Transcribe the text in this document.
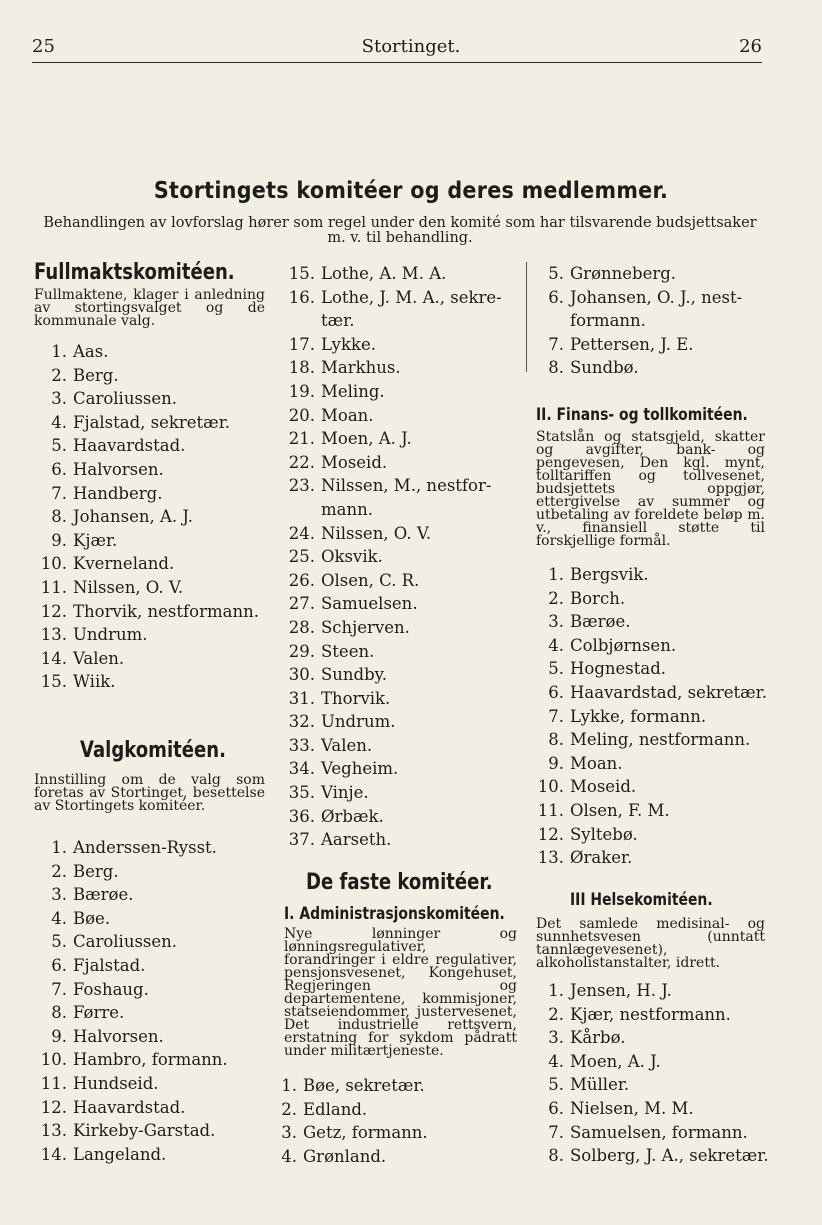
25	Stortinget.	26
Stortingets komitéer og deres medlemmer.
Behandlingen av lovforslag hører som regel under den komité som har tilsvarende budsjettsaker m. v. til behandling.
Fullmaktskomitéen.
Fullmaktene, klager i anledning av stortingsvalget og de kommunale valg.
1. Aas.
2. Berg.
3. Caroliussen.
4. Fjalstad, sekretær.
5. Haavardstad.
6. Halvorsen.
7. Handberg.
8. Johansen, A. J.
9. Kjær.
10. Kverneland.
11. Nilssen, O. V.
12. Thorvik, nestformann.
13. Undrum.
14. Valen.
15. Wiik.
Valgkomitéen.
Innstilling om de valg som foretas av Stortinget, besettelse av Stortingets komitéer.
1. Anderssen-Rysst.
2. Berg.
3. Bærøe.
4. Bøe.
5. Caroliussen.
6. Fjalstad.
7. Foshaug.
8. Førre.
9. Halvorsen.
10. Hambro, formann.
11. Hundseid.
12. Haavardstad.
13. Kirkeby-Garstad.
14. Langeland.
15. Lothe, A. M. A.
16. Lothe, J. M. A., sekre-
tær.
17. Lykke.
18. Markhus.
19. Meling.
20. Moan.
21. Moen, A. J.
22. Moseid.
23. Nilssen, M., nestfor-
mann.
24. Nilssen, O. V.
25. Oksvik.
26. Olsen, C. R.
27. Samuelsen.
28. Schjerven.
29. Steen.
30. Sundby.
31. Thorvik.
32. Undrum.
33. Valen.
34. Vegheim.
35. Vinje.
36. Ørbæk.
37. Aarseth.
De faste komitéer.
I. Administrasjonskomitéen.
Nye lønninger og lønningsregulativer, forandringer i eldre regulativer, pensjonsvesenet, Kongehuset, Regjeringen og departementene, kommisjoner, statseiendommer, justervesenet, Det industrielle rettsvern, erstatning for sykdom pådratt under militærtjeneste.
1. Bøe, sekretær.
2. Edland.
3. Getz, formann.
4. Grønland.
5. Grønneberg.
6. Johansen, O. J., nest-
formann.
7. Pettersen, J. E.
8. Sundbø.
II. Finans- og tollkomitéen.
Statslån og statsgjeld, skatter og avgifter, bank- og pengevesen, Den kgl. mynt, tolltariffen og tollvesenet, budsjettets oppgjør, ettergivelse av summer og utbetaling av foreldete beløp m. v., finansiell støtte til forskjellige formål.
1. Bergsvik.
2. Borch.
3. Bærøe.
4. Colbjørnsen.
5. Hognestad.
6. Haavardstad, sekretær.
7. Lykke, formann.
8. Meling, nestformann.
9. Moan.
10. Moseid.
11. Olsen, F. M.
12. Syltebø.
13. Øraker.
III Helsekomitéen.
Det samlede medisinal- og sunnhetsvesen (unntatt tannlægevesenet), alkoholistanstalter, idrett.
1. Jensen, H. J.
2. Kjær, nestformann.
3. Kårbø.
4. Moen, A. J.
5. Müller.
6. Nielsen, M. M.
7. Samuelsen, formann.
8. Solberg, J. A., sekretær.
